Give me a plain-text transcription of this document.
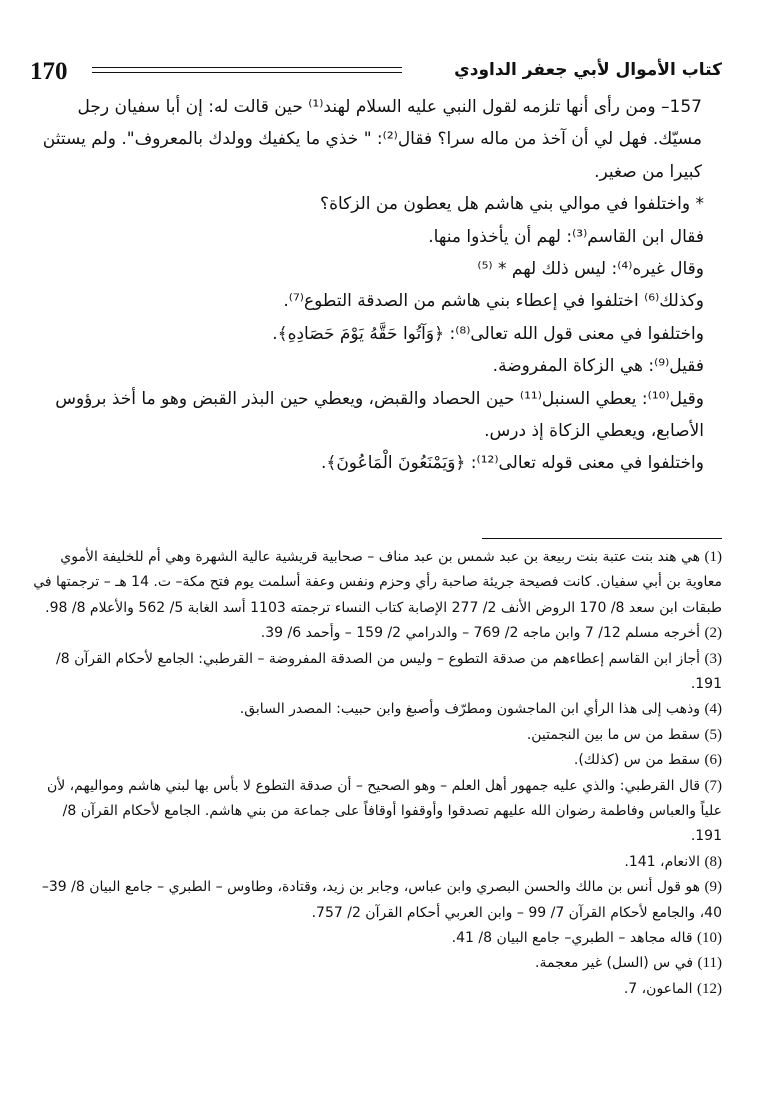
170	كتاب الأموال لأبي جعفر الداودي

157– ومن رأى أنها تلزمه لقول النبي عليه السلام لهند⁽¹⁾ حين قالت له: إن أبا سفيان رجل مسيّك. فهل لي أن آخذ من ماله سرا؟ فقال⁽²⁾: " خذي ما يكفيك وولدك بالمعروف". ولم يستثن كبيرا من صغير.

* واختلفوا في موالي بني هاشم هل يعطون من الزكاة؟

فقال ابن القاسم⁽³⁾: لهم أن يأخذوا منها.

وقال غيره⁽⁴⁾: ليس ذلك لهم * ⁽⁵⁾

وكذلك⁽⁶⁾ اختلفوا في إعطاء بني هاشم من الصدقة التطوع⁽⁷⁾.

واختلفوا في معنى قول الله تعالى⁽⁸⁾: ﴿وَآتُوا حَقَّهُ يَوْمَ حَصَادِهِ﴾.

فقيل⁽⁹⁾: هي الزكاة المفروضة.

وقيل⁽¹⁰⁾: يعطي السنبل⁽¹¹⁾ حين الحصاد والقبض، ويعطي حين البذر القبض وهو ما أخذ برؤوس الأصابع، ويعطي الزكاة إذ درس.

واختلفوا في معنى قوله تعالى⁽¹²⁾: ﴿وَيَمْنَعُونَ الْمَاعُونَ﴾.

(1) هي هند بنت عتبة بنت ربيعة بن عبد شمس بن عبد مناف – صحابية قريشية عالية الشهرة وهي أم للخليفة الأموي معاوية بن أبي سفيان. كانت فصيحة جريئة صاحبة رأي وحزم ونفس وعفة أسلمت يوم فتح مكة– ت. 14 هـ – ترجمتها في طبقات ابن سعد 8/ 170 الروض الأنف 2/ 277 الإصابة كتاب النساء ترجمته 1103 أسد الغابة 5/ 562 والأعلام 8/ 98.

(2) أخرجه مسلم 12/ 7 وابن ماجه 2/ 769 – والدرامي 2/ 159 – وأحمد 6/ 39.

(3) أجاز ابن القاسم إعطاءهم من صدقة التطوع – وليس من الصدقة المفروضة – القرطبي: الجامع لأحكام القرآن 8/ 191.

(4) وذهب إلى هذا الرأي ابن الماجشون ومطرّف وأصبغ وابن حبيب: المصدر السابق.

(5) سقط من س ما بين النجمتين.

(6) سقط من س (كذلك).

(7) قال القرطبي: والذي عليه جمهور أهل العلم – وهو الصحيح – أن صدقة التطوع لا بأس بها لبني هاشم ومواليهم، لأن علياً والعباس وفاطمة رضوان الله عليهم تصدقوا وأوقفوا أوقافاً على جماعة من بني هاشم. الجامع لأحكام القرآن 8/ 191.

(8) الانعام، 141.

(9) هو قول أنس بن مالك والحسن البصري وابن عباس، وجابر بن زيد، وقتادة، وطاوس – الطبري – جامع البيان 8/ 39–40، والجامع لأحكام القرآن 7/ 99 – وابن العربي أحكام القرآن 2/ 757.

(10) قاله مجاهد – الطبري– جامع البيان 8/ 41.

(11) في س (السل) غير معجمة.

(12) الماعون، 7.
